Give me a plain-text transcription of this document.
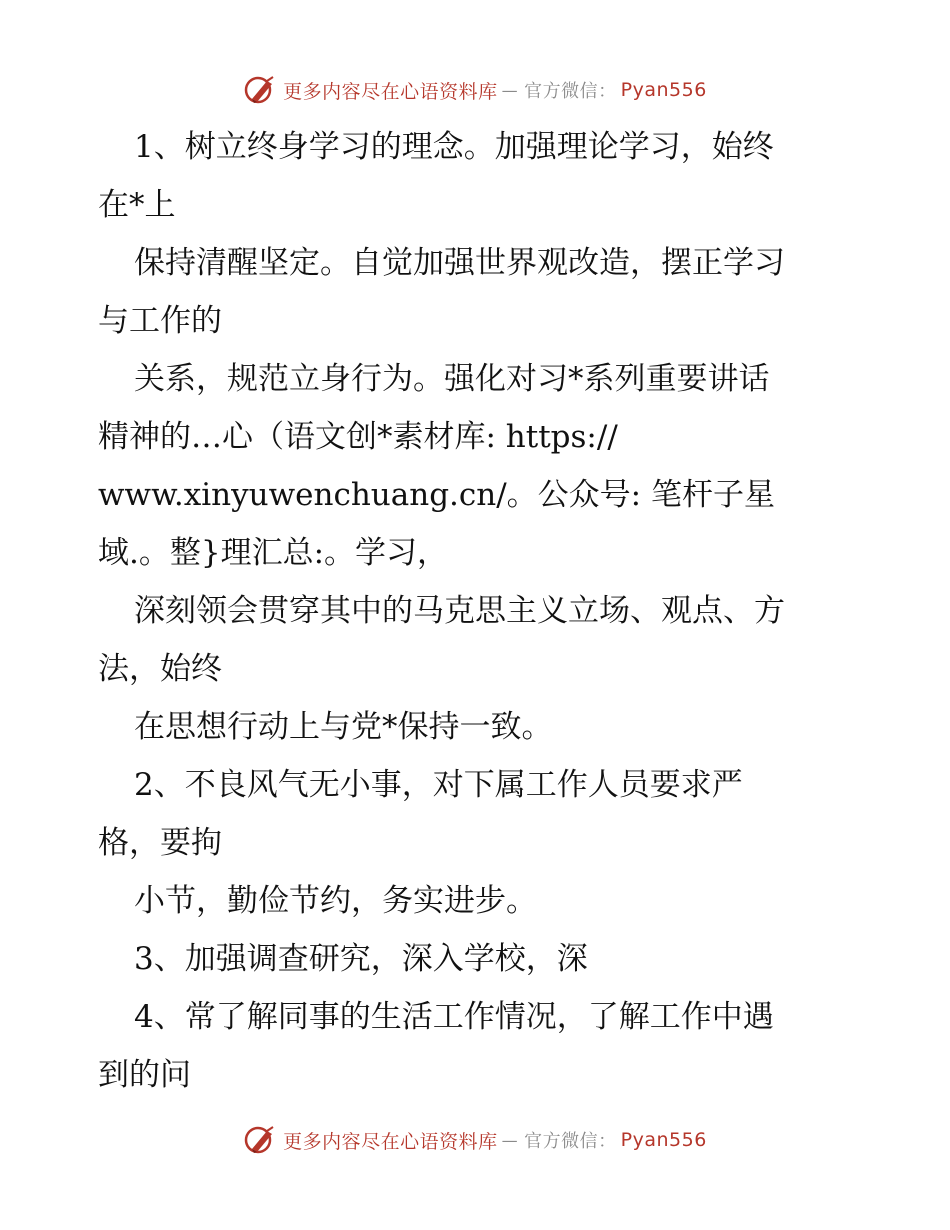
更多内容尽在心语资料库 — 官方微信： Pyan556
1、树立终身学习的理念。加强理论学习，始终
在*上
保持清醒坚定。自觉加强世界观改造，摆正学习
与工作的
关系，规范立身行为。强化对习*系列重要讲话
精神的…心（语文创*素材库: https://
www.xinyuwenchuang.cn/。公众号: 笔杆子星
域.。整}理汇总:。学习，
深刻领会贯穿其中的马克思主义立场、观点、方
法，始终
在思想行动上与党*保持一致。
2、不良风气无小事，对下属工作人员要求严
格，要拘
小节，勤俭节约，务实进步。
3、加强调查研究，深入学校，深
4、常了解同事的生活工作情况，了解工作中遇
到的问
更多内容尽在心语资料库 — 官方微信： Pyan556
